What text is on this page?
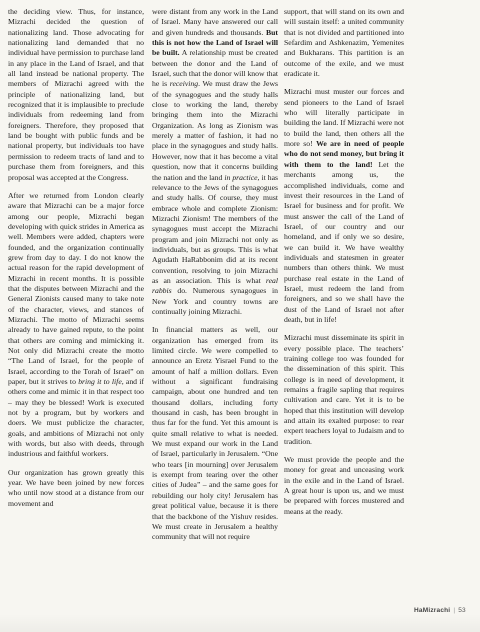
the deciding view. Thus, for instance, Mizrachi decided the question of nationalizing land. Those advocating for nationalizing land demanded that no individual have permission to purchase land in any place in the Land of Israel, and that all land instead be national property. The members of Mizrachi agreed with the principle of nationalizing land, but recognized that it is implausible to preclude individuals from redeeming land from foreigners. Therefore, they proposed that land be bought with public funds and be national property, but individuals too have permission to redeem tracts of land and to purchase them from foreigners, and this proposal was accepted at the Congress.

After we returned from London clearly aware that Mizrachi can be a major force among our people, Mizrachi began developing with quick strides in America as well. Members were added, chapters were founded, and the organization continually grew from day to day. I do not know the actual reason for the rapid development of Mizrachi in recent months. It is possible that the disputes between Mizrachi and the General Zionists caused many to take note of the character, views, and stances of Mizrachi. The motto of Mizrachi seems already to have gained repute, to the point that others are coming and mimicking it. Not only did Mizrachi create the motto “The Land of Israel, for the people of Israel, according to the Torah of Israel” on paper, but it strives to bring it to life, and if others come and mimic it in that respect too – may they be blessed! Work is executed not by a program, but by workers and doers. We must publicize the character, goals, and ambitions of Mizrachi not only with words, but also with deeds, through industrious and faithful workers.

Our organization has grown greatly this year. We have been joined by new forces who until now stood at a distance from our movement and

were distant from any work in the Land of Israel. Many have answered our call and given hundreds and thousands. But this is not how the Land of Israel will be built. A relationship must be created between the donor and the Land of Israel, such that the donor will know that he is receiving. We must draw the Jews of the synagogues and the study halls close to working the land, thereby bringing them into the Mizrachi Organization. As long as Zionism was merely a matter of fashion, it had no place in the synagogues and study halls. However, now that it has become a vital question, now that it concerns building the nation and the land in practice, it has relevance to the Jews of the synagogues and study halls. Of course, they must embrace whole and complete Zionism: Mizrachi Zionism! The members of the synagogues must accept the Mizrachi program and join Mizrachi not only as individuals, but as groups. This is what Agudath HaRabbonim did at its recent convention, resolving to join Mizrachi as an association. This is what real rabbis do. Numerous synagogues in New York and country towns are continually joining Mizrachi.

In financial matters as well, our organization has emerged from its limited circle. We were compelled to announce an Eretz Yisrael Fund to the amount of half a million dollars. Even without a significant fundraising campaign, about one hundred and ten thousand dollars, including forty thousand in cash, has been brought in thus far for the fund. Yet this amount is quite small relative to what is needed. We must expand our work in the Land of Israel, particularly in Jerusalem. “One who tears [in mourning] over Jerusalem is exempt from tearing over the other cities of Judea” – and the same goes for rebuilding our holy city! Jerusalem has great political value, because it is there that the backbone of the Yishuv resides. We must create in Jerusalem a healthy community that will not require

support, that will stand on its own and will sustain itself: a united community that is not divided and partitioned into Sefardim and Ashkenazim, Yemenites and Bukharans. This partition is an outcome of the exile, and we must eradicate it.

Mizrachi must muster our forces and send pioneers to the Land of Israel who will literally participate in building the land. If Mizrachi were not to build the land, then others all the more so! We are in need of people who do not send money, but bring it with them to the land! Let the merchants among us, the accomplished individuals, come and invest their resources in the Land of Israel for business and for profit. We must answer the call of the Land of Israel, of our country and our homeland, and if only we so desire, we can build it. We have wealthy individuals and statesmen in greater numbers than others think. We must purchase real estate in the Land of Israel, must redeem the land from foreigners, and so we shall have the dust of the Land of Israel not after death, but in life!

Mizrachi must disseminate its spirit in every possible place. The teachers’ training college too was founded for the dissemination of this spirit. This college is in need of development, it remains a fragile sapling that requires cultivation and care. Yet it is to be hoped that this institution will develop and attain its exalted purpose: to rear expert teachers loyal to Judaism and to tradition.

We must provide the people and the money for great and unceasing work in the exile and in the Land of Israel. A great hour is upon us, and we must be prepared with forces mustered and means at the ready.

HaMizrachi | 53
